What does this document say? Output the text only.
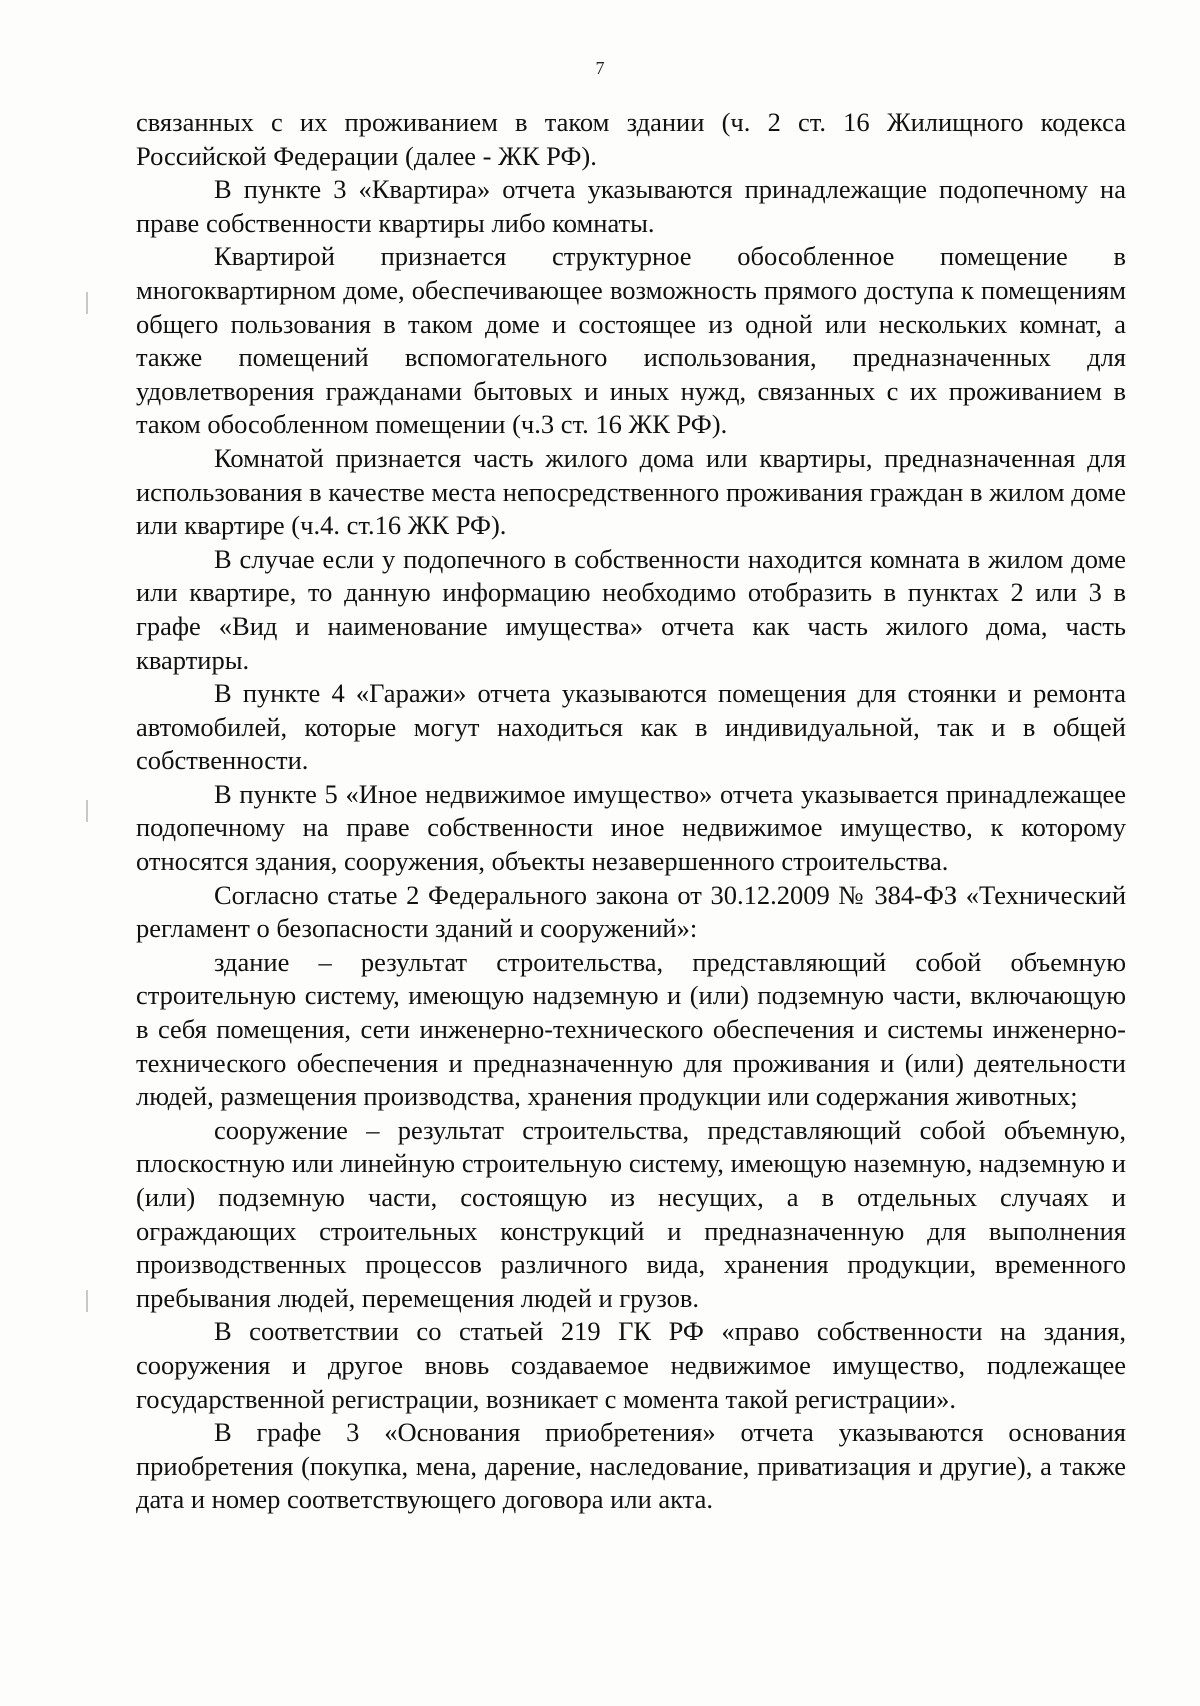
7

связанных с их проживанием в таком здании (ч. 2 ст. 16 Жилищного кодекса Российской Федерации (далее - ЖК РФ).

В пункте 3 «Квартира» отчета указываются принадлежащие подопечному на праве собственности квартиры либо комнаты.

Квартирой признается структурное обособленное помещение в многоквартирном доме, обеспечивающее возможность прямого доступа к помещениям общего пользования в таком доме и состоящее из одной или нескольких комнат, а также помещений вспомогательного использования, предназначенных для удовлетворения гражданами бытовых и иных нужд, связанных с их проживанием в таком обособленном помещении (ч.3 ст. 16 ЖК РФ).

Комнатой признается часть жилого дома или квартиры, предназначенная для использования в качестве места непосредственного проживания граждан в жилом доме или квартире (ч.4. ст.16 ЖК РФ).

В случае если у подопечного в собственности находится комната в жилом доме или квартире, то данную информацию необходимо отобразить в пунктах 2 или 3 в графе «Вид и наименование имущества» отчета как часть жилого дома, часть квартиры.

В пункте 4 «Гаражи» отчета указываются помещения для стоянки и ремонта автомобилей, которые могут находиться как в индивидуальной, так и в общей собственности.

В пункте 5 «Иное недвижимое имущество» отчета указывается принадлежащее подопечному на праве собственности иное недвижимое имущество, к которому относятся здания, сооружения, объекты незавершенного строительства.

Согласно статье 2 Федерального закона от 30.12.2009 № 384-ФЗ «Технический регламент о безопасности зданий и сооружений»:

здание – результат строительства, представляющий собой объемную строительную систему, имеющую надземную и (или) подземную части, включающую в себя помещения, сети инженерно-технического обеспечения и системы инженерно-технического обеспечения и предназначенную для проживания и (или) деятельности людей, размещения производства, хранения продукции или содержания животных;

сооружение – результат строительства, представляющий собой объемную, плоскостную или линейную строительную систему, имеющую наземную, надземную и (или) подземную части, состоящую из несущих, а в отдельных случаях и ограждающих строительных конструкций и предназначенную для выполнения производственных процессов различного вида, хранения продукции, временного пребывания людей, перемещения людей и грузов.

В соответствии со статьей 219 ГК РФ «право собственности на здания, сооружения и другое вновь создаваемое недвижимое имущество, подлежащее государственной регистрации, возникает с момента такой регистрации».

В графе 3 «Основания приобретения» отчета указываются основания приобретения (покупка, мена, дарение, наследование, приватизация и другие), а также дата и номер соответствующего договора или акта.
